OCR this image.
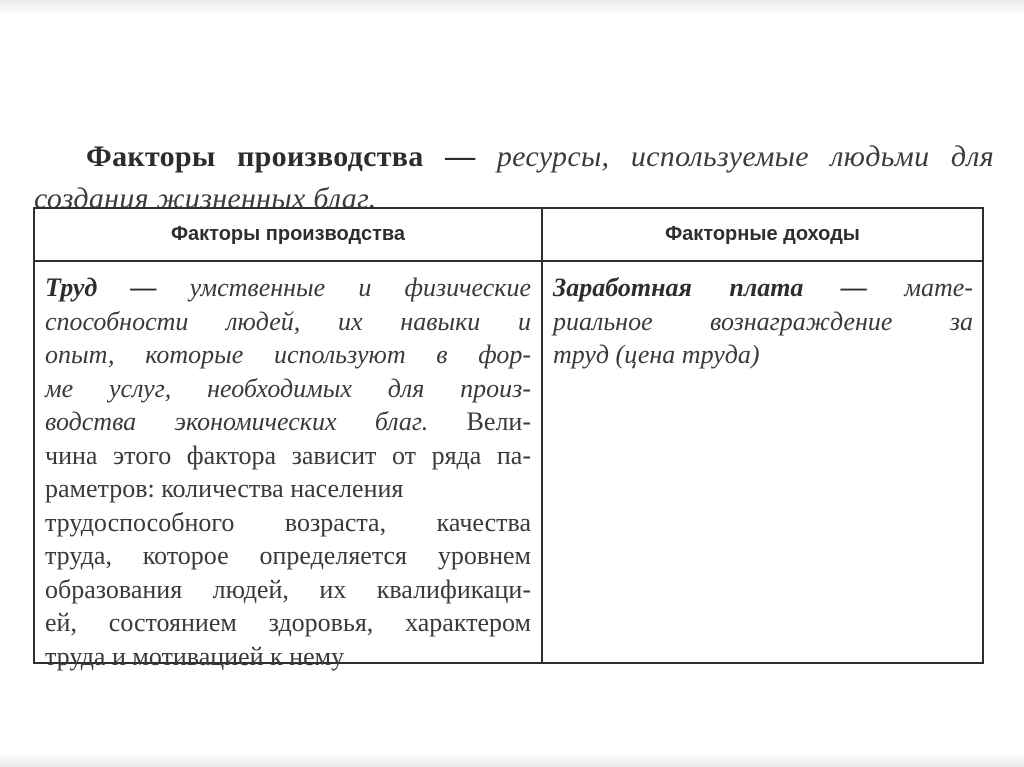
Факторы производства — ресурсы, используемые людьми для создания жизненных благ.

Факторы производства	Факторные доходы
Труд — умственные и физические
способности людей, их навыки и
опыт, которые используют в фор-
ме услуг, необходимых для произ-
водства экономических благ. Вели-
чина этого фактора зависит от ряда па-
раметров: количества населения
трудоспособного возраста, качества
труда, которое определяется уровнем
образования людей, их квалификаци-
ей, состоянием здоровья, характером
труда и мотивацией к нему
Заработная плата — мате-
риальное вознаграждение за
труд (цена труда)
